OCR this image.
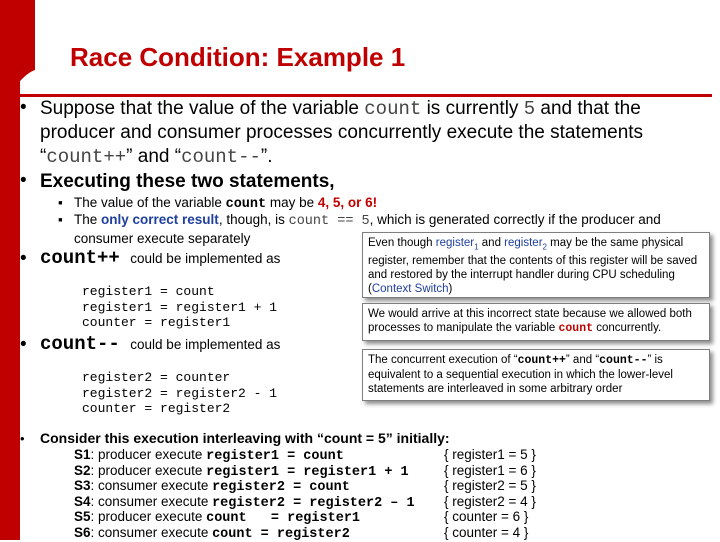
Race Condition: Example 1
• Suppose that the value of the variable count is currently 5 and that the
producer and consumer processes concurrently execute the statements
“count++” and “count--”.
• Executing these two statements,
▪ The value of the variable count may be 4, 5, or 6!
▪ The only correct result, though, is count == 5, which is generated correctly if the producer and
consumer execute separately
• count++ could be implemented as
register1 = count
register1 = register1 + 1
counter = register1
• count-- could be implemented as
register2 = counter
register2 = register2 - 1
counter = register2
Even though register$_1$ and register$_2$ may be the same physical register, remember that the contents of this register will be saved and restored by the interrupt handler during CPU scheduling (Context Switch)
We would arrive at this incorrect state because we allowed both processes to manipulate the variable count concurrently.
The concurrent execution of “count++” and “count--” is equivalent to a sequential execution in which the lower-level statements are interleaved in some arbitrary order
• Consider this execution interleaving with “count = 5” initially:
S1: producer execute register1 = count	{ register1 = 5 }
S2: producer execute register1 = register1 + 1	{ register1 = 6 }
S3: consumer execute register2 = count	{ register2 = 5 }
S4: consumer execute register2 = register2 – 1	{ register2 = 4 }
S5: producer execute count   = register1	{ counter = 6 }
S6: consumer execute count = register2	{ counter = 4 }
